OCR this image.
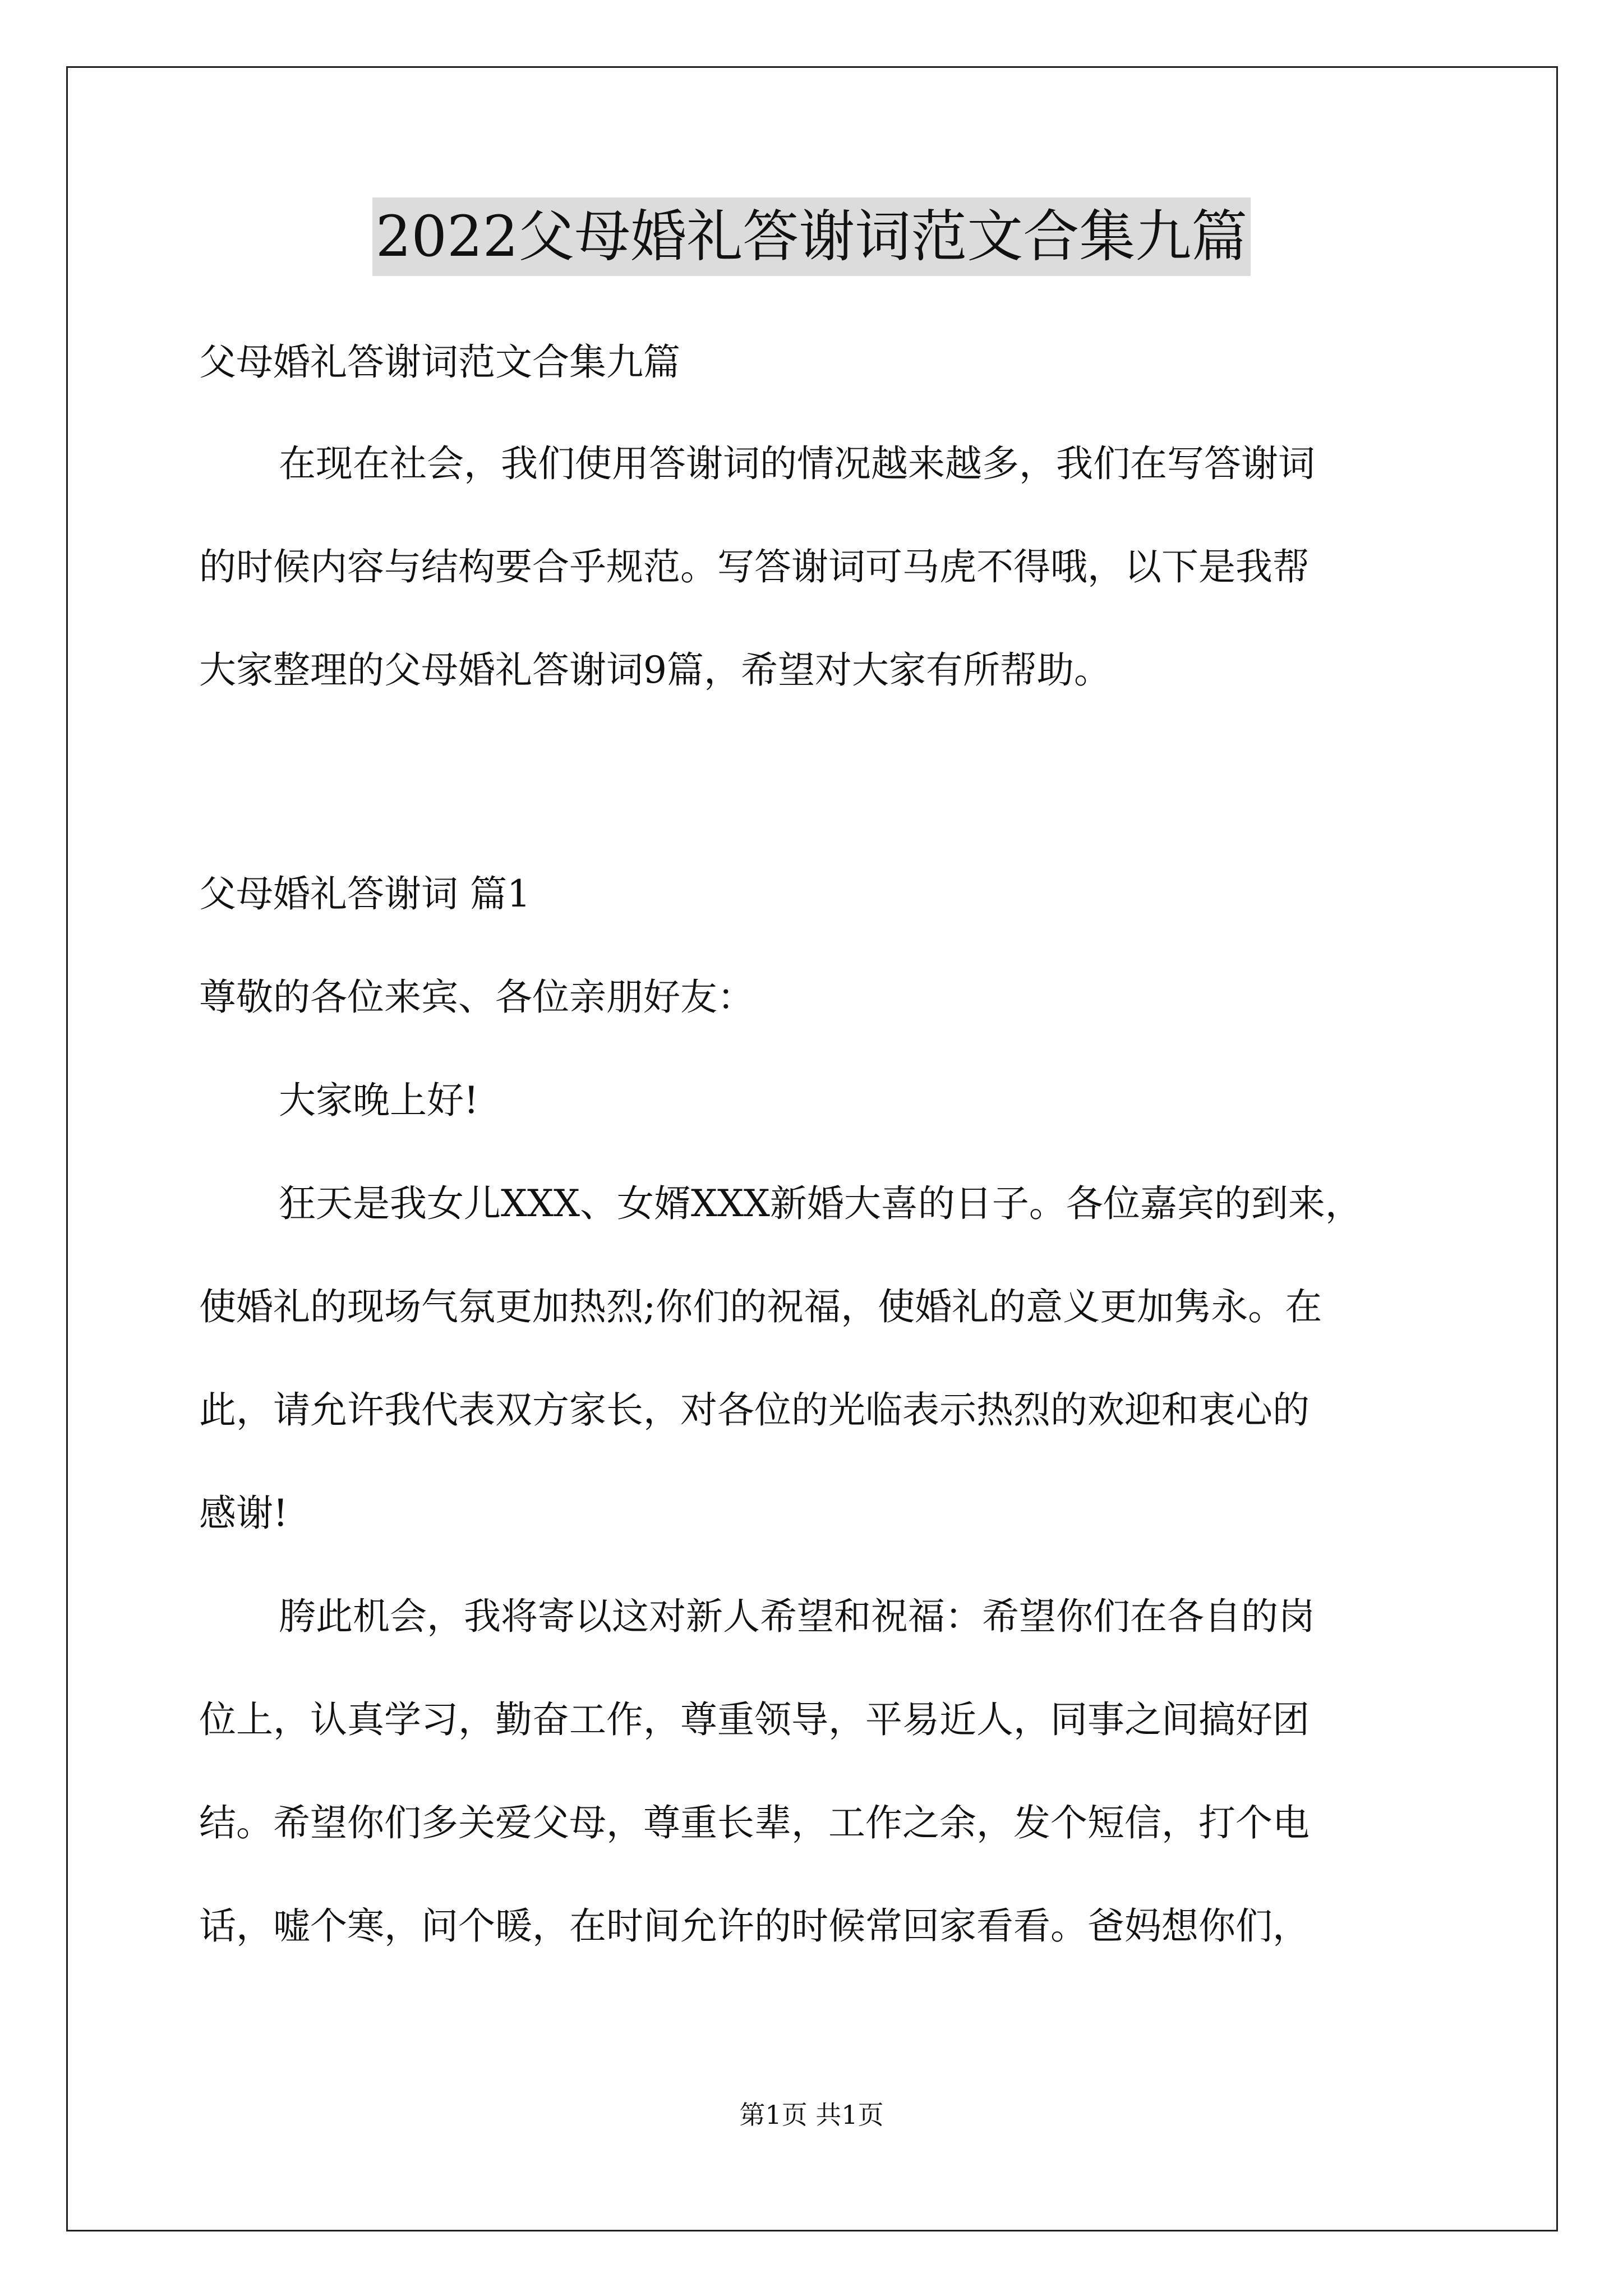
2022父母婚礼答谢词范文合集九篇

父母婚礼答谢词范文合集九篇

在现在社会，我们使用答谢词的情况越来越多，我们在写答谢词

的时候内容与结构要合乎规范。写答谢词可马虎不得哦，以下是我帮

大家整理的父母婚礼答谢词9篇，希望对大家有所帮助。

父母婚礼答谢词 篇1

尊敬的各位来宾、各位亲朋好友：

大家晚上好!

狂天是我女儿XXX、女婿XXX新婚大喜的日子。各位嘉宾的到来，

使婚礼的现场气氛更加热烈;你们的祝福，使婚礼的意义更加隽永。在

此，请允许我代表双方家长，对各位的光临表示热烈的欢迎和衷心的

感谢!

胯此机会，我将寄以这对新人希望和祝福：希望你们在各自的岗

位上，认真学习，勤奋工作，尊重领导，平易近人，同事之间搞好团

结。希望你们多关爱父母，尊重长辈，工作之余，发个短信，打个电

话，嘘个寒，问个暖，在时间允许的时候常回家看看。爸妈想你们，

第1页 共1页
